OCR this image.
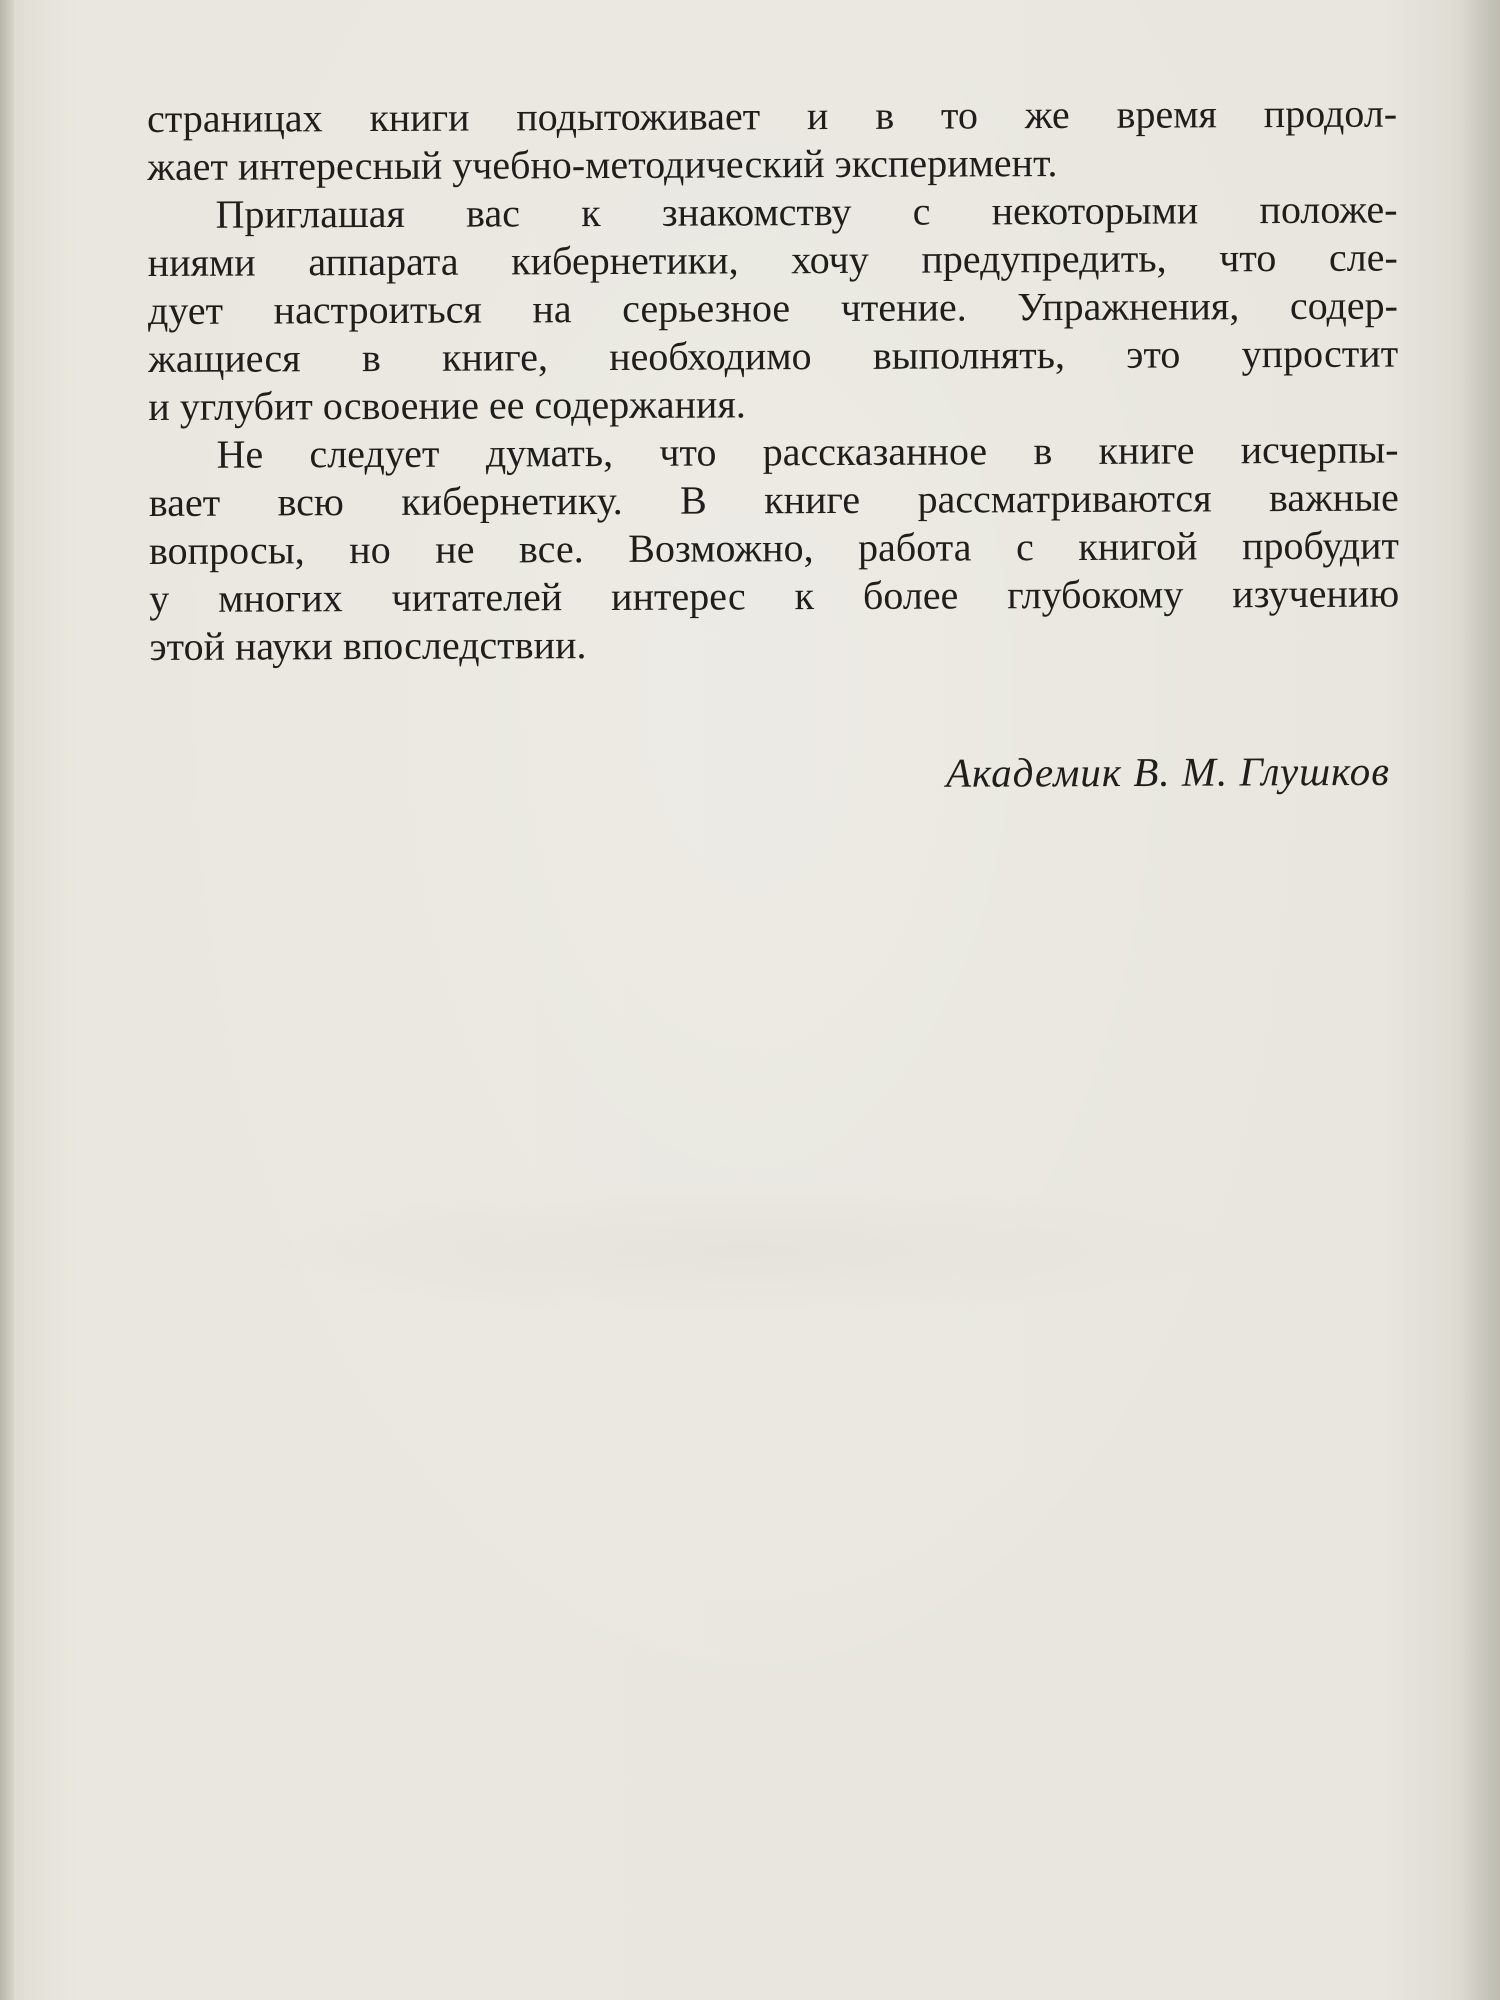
страницах книги подытоживает и в то же время продол-
жает интересный учебно-методический эксперимент.
Приглашая вас к знакомству с некоторыми положе-
ниями аппарата кибернетики, хочу предупредить, что сле-
дует настроиться на серьезное чтение. Упражнения, содер-
жащиеся в книге, необходимо выполнять, это упростит
и углубит освоение ее содержания.
Не следует думать, что рассказанное в книге исчерпы-
вает всю кибернетику. В книге рассматриваются важные
вопросы, но не все. Возможно, работа с книгой пробудит
у многих читателей интерес к более глубокому изучению
этой науки впоследствии.
Академик В. М. Глушков
